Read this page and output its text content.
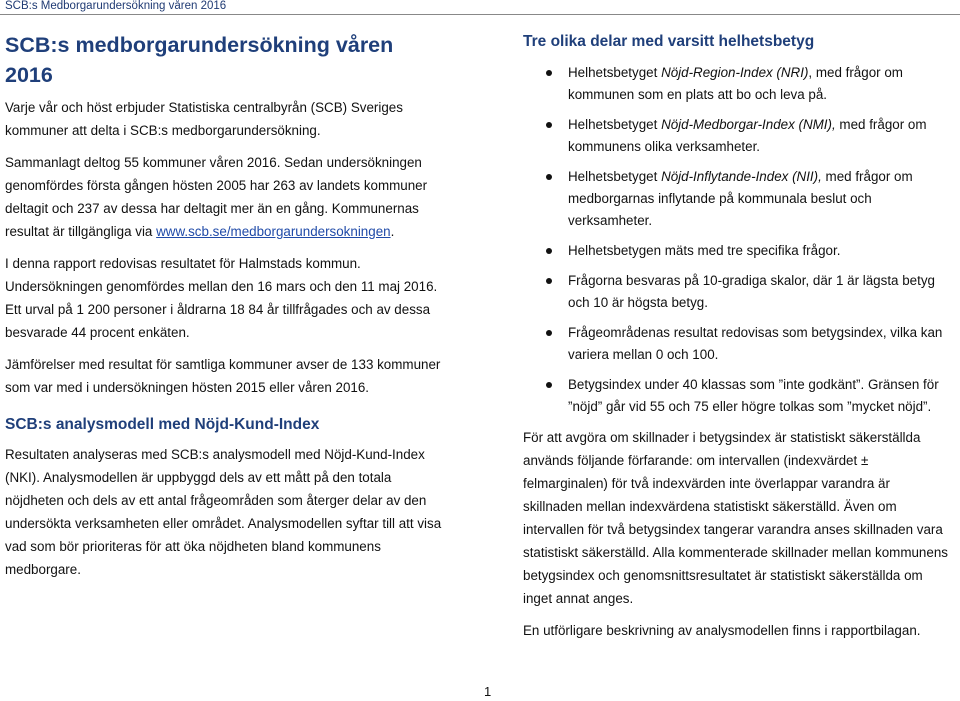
SCB:s Medborgarundersökning våren 2016
SCB:s medborgarundersökning våren 2016

Varje vår och höst erbjuder Statistiska centralbyrån (SCB) Sveriges kommuner att delta i SCB:s medborgarundersökning.

Sammanlagt deltog 55 kommuner våren 2016. Sedan undersökningen genomfördes första gången hösten 2005 har 263 av landets kommuner deltagit och 237 av dessa har deltagit mer än en gång. Kommunernas resultat är tillgängliga via www.scb.se/medborgarundersokningen.

I denna rapport redovisas resultatet för Halmstads kommun. Undersökningen genomfördes mellan den 16 mars och den 11 maj 2016. Ett urval på 1 200 personer i åldrarna 18 84 år tillfrågades och av dessa besvarade 44 procent enkäten.

Jämförelser med resultat för samtliga kommuner avser de 133 kommuner som var med i undersökningen hösten 2015 eller våren 2016.

SCB:s analysmodell med Nöjd-Kund-Index

Resultaten analyseras med SCB:s analysmodell med Nöjd-Kund-Index (NKI). Analysmodellen är uppbyggd dels av ett mått på den totala nöjdheten och dels av ett antal frågeområden som återger delar av den undersökta verksamheten eller området. Analysmodellen syftar till att visa vad som bör prioriteras för att öka nöjdheten bland kommunens medborgare.

Tre olika delar med varsitt helhetsbetyg
Helhetsbetyget Nöjd-Region-Index (NRI), med frågor om kommunen som en plats att bo och leva på.
Helhetsbetyget Nöjd-Medborgar-Index (NMI), med frågor om kommunens olika verksamheter.
Helhetsbetyget Nöjd-Inflytande-Index (NII), med frågor om medborgarnas inflytande på kommunala beslut och verksamheter.
Helhetsbetygen mäts med tre specifika frågor.
Frågorna besvaras på 10-gradiga skalor, där 1 är lägsta betyg och 10 är högsta betyg.
Frågeområdenas resultat redovisas som betygsindex, vilka kan variera mellan 0 och 100.
Betygsindex under 40 klassas som ”inte godkänt”. Gränsen för ”nöjd” går vid 55 och 75 eller högre tolkas som ”mycket nöjd”.

För att avgöra om skillnader i betygsindex är statistiskt säkerställda används följande förfarande: om intervallen (indexvärdet ± felmarginalen) för två indexvärden inte överlappar varandra är skillnaden mellan indexvärdena statistiskt säkerställd. Även om intervallen för två betygsindex tangerar varandra anses skillnaden vara statistiskt säkerställd. Alla kommenterade skillnader mellan kommunens betygsindex och genomsnittsresultatet är statistiskt säkerställda om inget annat anges.

En utförligare beskrivning av analysmodellen finns i rapportbilagan.

1
